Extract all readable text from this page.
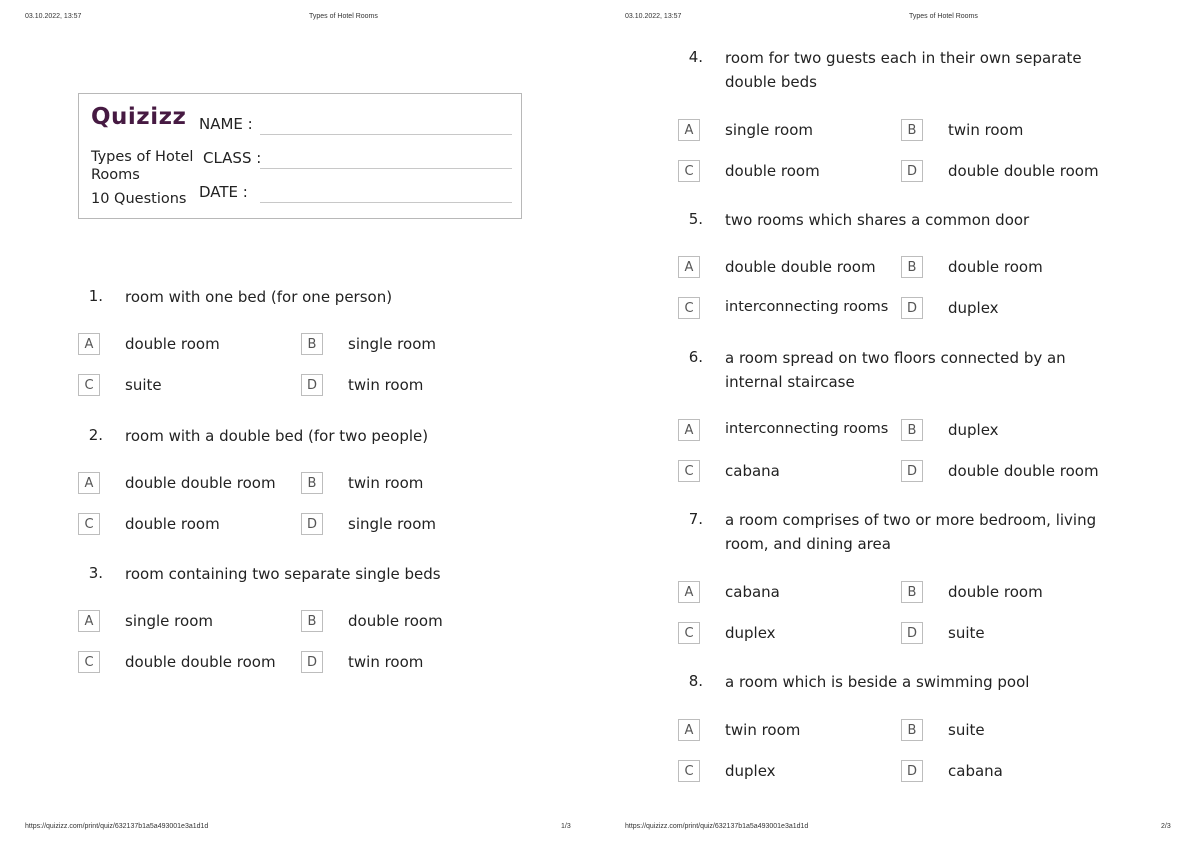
03.10.2022, 13:57	Types of Hotel Rooms
Quizizz NAME :
CLASS :
DATE :
Types of Hotel Rooms
10 Questions
1. room with one bed (for one person)
A	double room	B	single room
C	suite	D	twin room
2. room with a double bed (for two people)
A	double double room	B	twin room
C	double room	D	single room
3. room containing two separate single beds
A	single room	B	double room
C	double double room	D	twin room
https://quizizz.com/print/quiz/632137b1a5a493001e3a1d1d	1/3
03.10.2022, 13:57	Types of Hotel Rooms
4. room for two guests each in their own separate double beds
A	single room	B	twin room
C	double room	D	double double room
5. two rooms which shares a common door
A	double double room	B	double room
C	interconnecting rooms	D	duplex
6. a room spread on two floors connected by an internal staircase
A	interconnecting rooms	B	duplex
C	cabana	D	double double room
7. a room comprises of two or more bedroom, living room, and dining area
A	cabana	B	double room
C	duplex	D	suite
8. a room which is beside a swimming pool
A	twin room	B	suite
C	duplex	D	cabana
https://quizizz.com/print/quiz/632137b1a5a493001e3a1d1d	2/3
